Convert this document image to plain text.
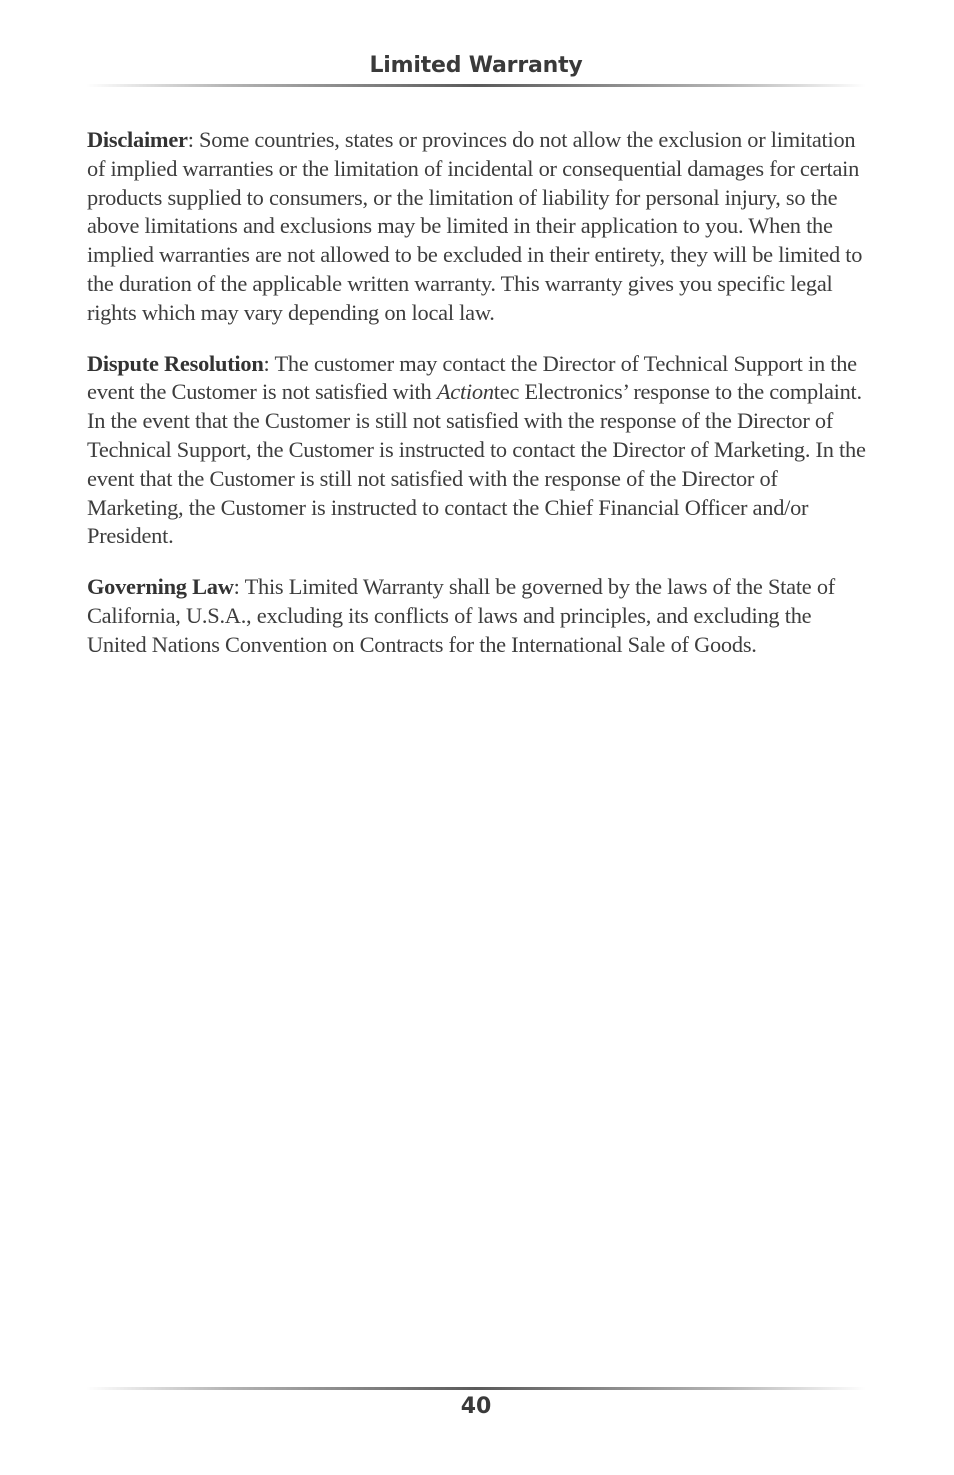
Limited Warranty

Disclaimer: Some countries, states or provinces do not allow the exclusion or limitation of implied warranties or the limitation of incidental or consequential damages for certain products supplied to consumers, or the limitation of liability for personal injury, so the above limitations and exclusions may be limited in their application to you. When the implied warranties are not allowed to be excluded in their entirety, they will be limited to the duration of the applicable written warranty. This warranty gives you specific legal rights which may vary depending on local law.

Dispute Resolution: The customer may contact the Director of Technical Support in the event the Customer is not satisfied with Actiontec Electronics’ response to the complaint. In the event that the Customer is still not satisfied with the response of the Director of Technical Support, the Customer is instructed to contact the Director of Marketing. In the event that the Customer is still not satisfied with the response of the Director of Marketing, the Customer is instructed to contact the Chief Financial Officer and/or President.

Governing Law: This Limited Warranty shall be governed by the laws of the State of California, U.S.A., excluding its conflicts of laws and principles, and excluding the United Nations Convention on Contracts for the International Sale of Goods.

40
